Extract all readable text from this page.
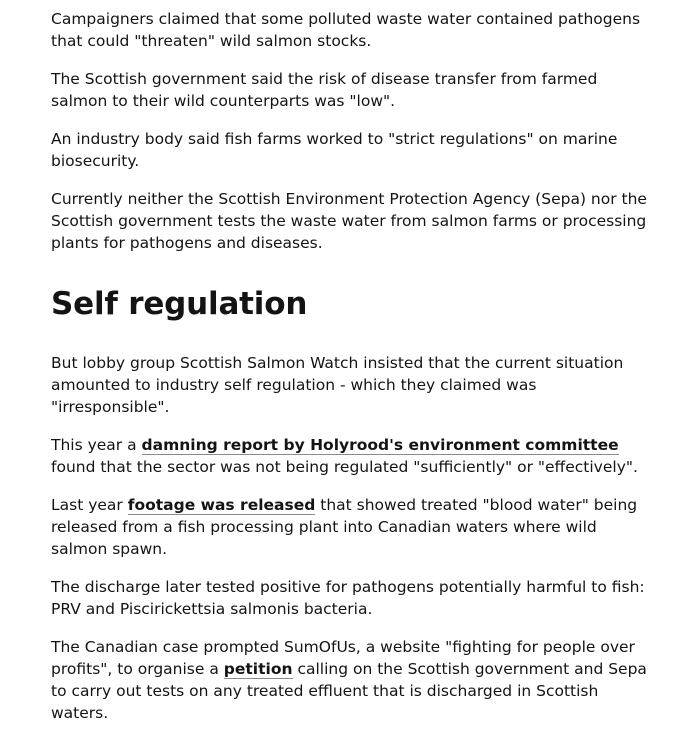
Campaigners claimed that some polluted waste water contained pathogens that could "threaten" wild salmon stocks.

The Scottish government said the risk of disease transfer from farmed salmon to their wild counterparts was "low".

An industry body said fish farms worked to "strict regulations" on marine biosecurity.

Currently neither the Scottish Environment Protection Agency (Sepa) nor the Scottish government tests the waste water from salmon farms or processing plants for pathogens and diseases.

Self regulation

But lobby group Scottish Salmon Watch insisted that the current situation amounted to industry self regulation - which they claimed was "irresponsible".

This year a damning report by Holyrood's environment committee found that the sector was not being regulated "sufficiently" or "effectively".

Last year footage was released that showed treated "blood water" being released from a fish processing plant into Canadian waters where wild salmon spawn.

The discharge later tested positive for pathogens potentially harmful to fish: PRV and Piscirickettsia salmonis bacteria.

The Canadian case prompted SumOfUs, a website "fighting for people over profits", to organise a petition calling on the Scottish government and Sepa to carry out tests on any treated effluent that is discharged in Scottish waters.
